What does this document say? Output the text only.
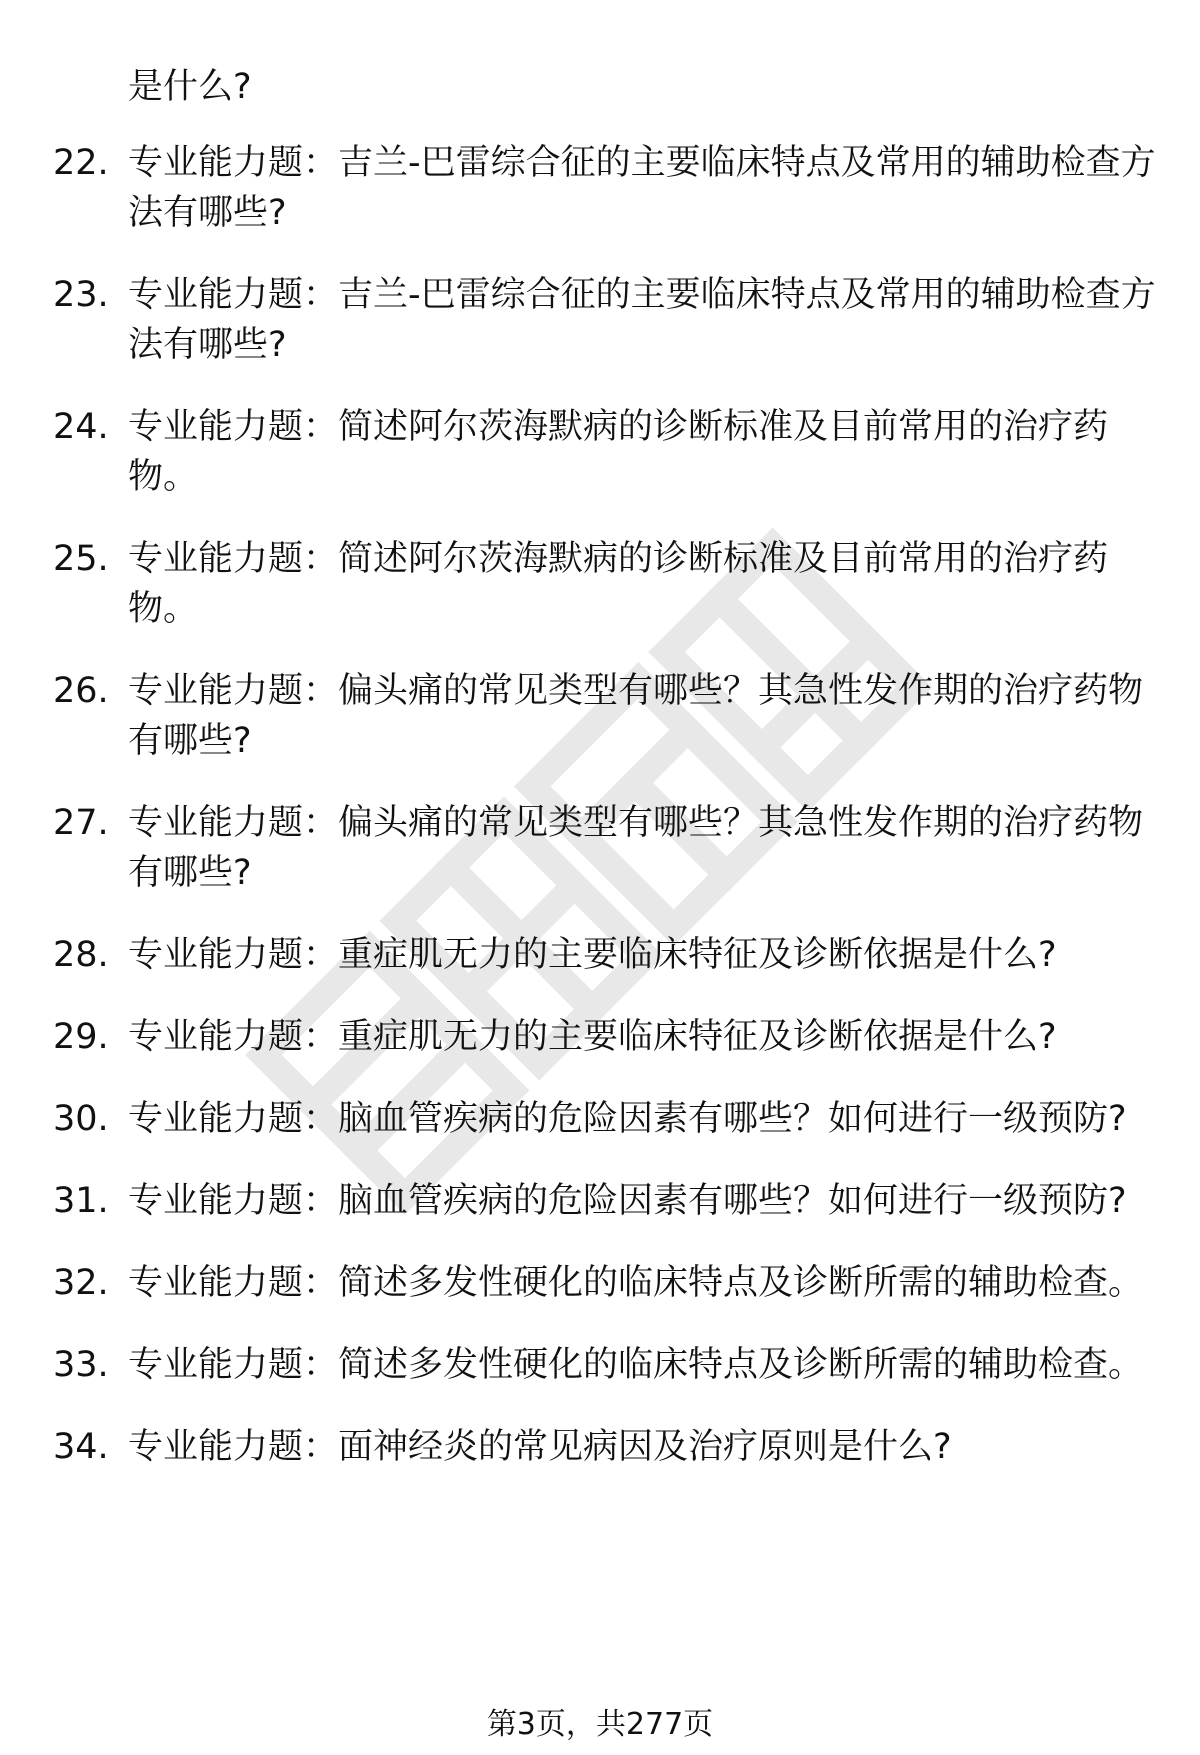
是什么?
22. 专业能力题：吉兰-巴雷综合征的主要临床特点及常用的辅助检查方法有哪些?
23. 专业能力题：吉兰-巴雷综合征的主要临床特点及常用的辅助检查方法有哪些?
24. 专业能力题：简述阿尔茨海默病的诊断标准及目前常用的治疗药物。
25. 专业能力题：简述阿尔茨海默病的诊断标准及目前常用的治疗药物。
26. 专业能力题：偏头痛的常见类型有哪些？其急性发作期的治疗药物有哪些?
27. 专业能力题：偏头痛的常见类型有哪些？其急性发作期的治疗药物有哪些?
28. 专业能力题：重症肌无力的主要临床特征及诊断依据是什么?
29. 专业能力题：重症肌无力的主要临床特征及诊断依据是什么?
30. 专业能力题：脑血管疾病的危险因素有哪些？如何进行一级预防?
31. 专业能力题：脑血管疾病的危险因素有哪些？如何进行一级预防?
32. 专业能力题：简述多发性硬化的临床特点及诊断所需的辅助检查。
33. 专业能力题：简述多发性硬化的临床特点及诊断所需的辅助检查。
34. 专业能力题：面神经炎的常见病因及治疗原则是什么?
第3页，共277页
